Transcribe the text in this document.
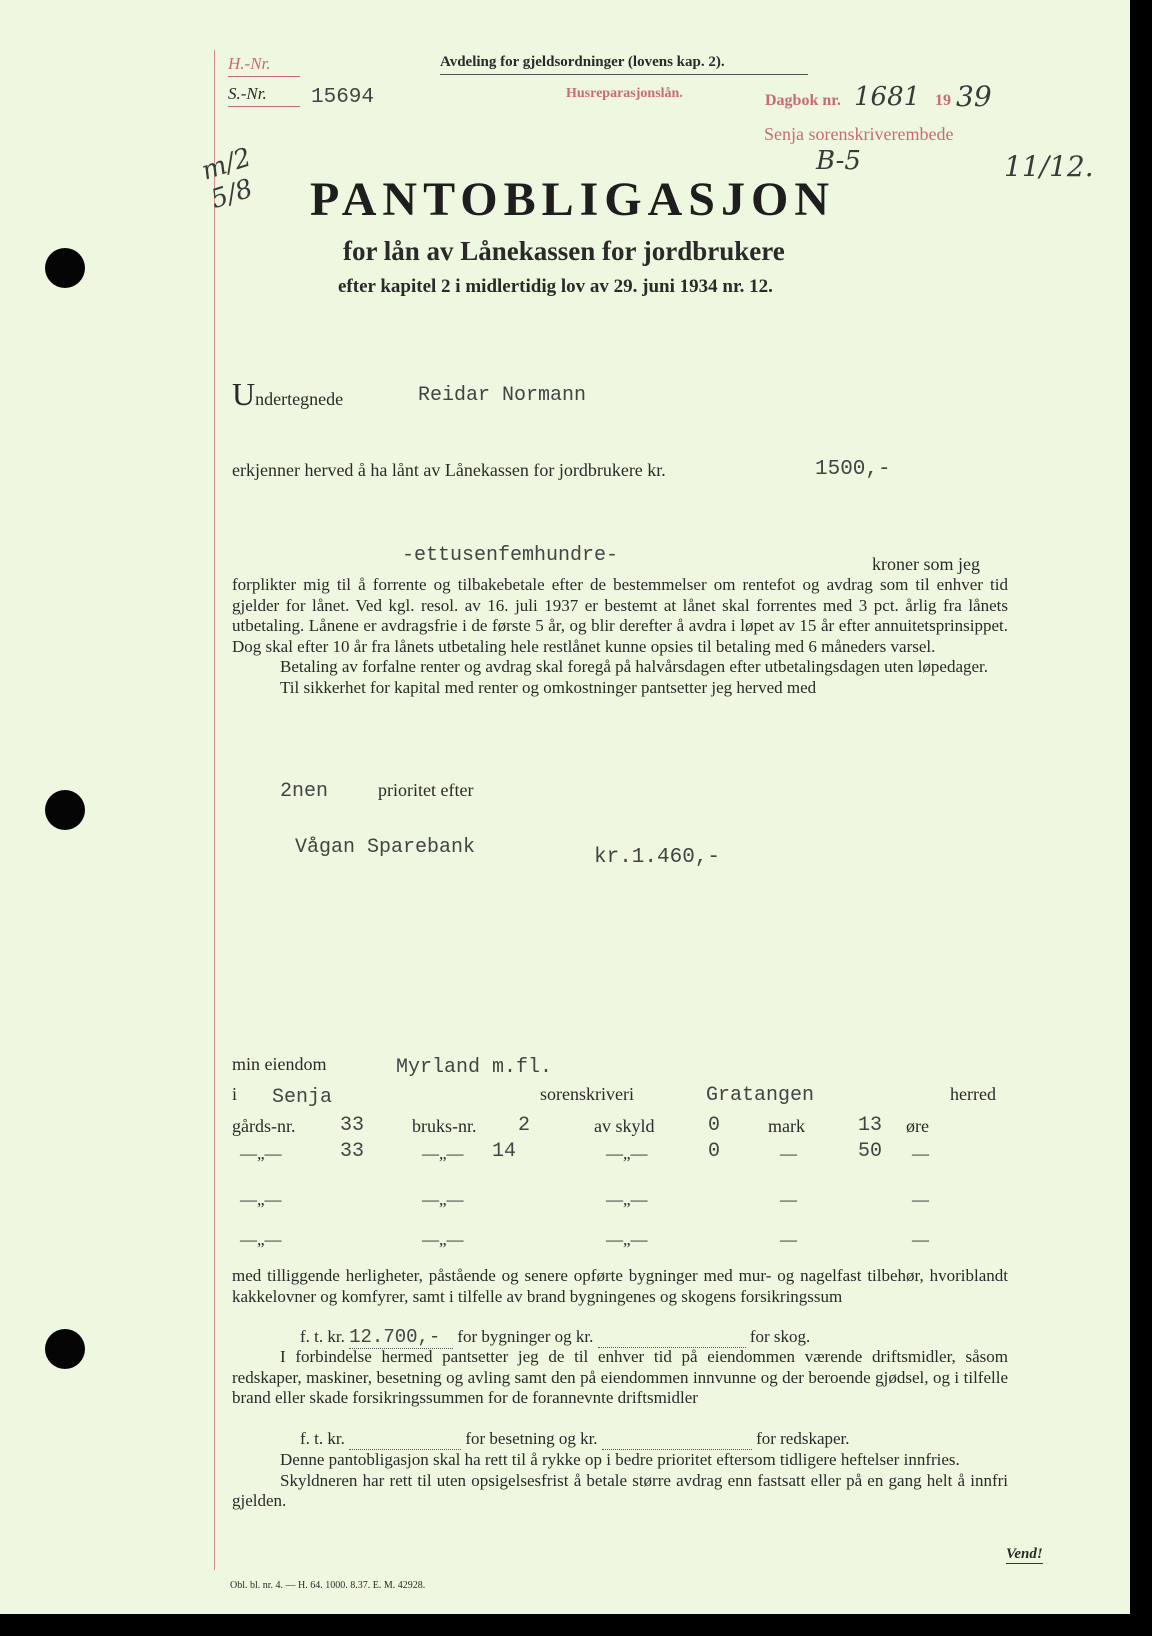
H.-Nr.
S.-Nr. 15694
Avdeling for gjeldsordninger (lovens kap. 2).
Husreparasjonslån.	Dagbok nr. 1681 19 39
Senja sorenskriverembede
B-5	11/12.
m/2 5/8	PANTOBLIGASJON
for lån av Lånekassen for jordbrukere
efter kapitel 2 i midlertidig lov av 29. juni 1934 nr. 12.
Undertegnede	Reidar Normann
erkjenner herved å ha lånt av Lånekassen for jordbrukere kr.	1500,-
-ettusenfemhundre-	kroner som jeg

forplikter mig til å forrente og tilbakebetale efter de bestemmelser om rentefot og avdrag som til enhver tid gjelder for lånet. Ved kgl. resol. av 16. juli 1937 er bestemt at lånet skal forrentes med 3 pct. årlig fra lånets utbetaling. Lånene er avdragsfrie i de første 5 år, og blir derefter å avdra i løpet av 15 år efter annuitetsprinsippet. Dog skal efter 10 år fra lånets utbetaling hele restlånet kunne opsies til betaling med 6 måneders varsel.

Betaling av forfalne renter og avdrag skal foregå på halvårsdagen efter utbetalingsdagen uten løpedager.

Til sikkerhet for kapital med renter og omkostninger pantsetter jeg herved med

2nen	prioritet efter
Vågan Sparebank	kr.1.460,-
min eiendom	Myrland m.fl.
i Senja	sorenskriveri	Gratangen	herred
gårds-nr. 33	bruks-nr. 2	av skyld	0	mark	13 øre
—„—	33	—„— 14	—„—	0	—	50 —
—„—	—„—	—„—	—	—
—„—	—„—	—„—	—	—

med tilliggende herligheter, påstående og senere opførte bygninger med mur- og nagelfast tilbehør, hvoriblandt kakkelovner og komfyrer, samt i tilfelle av brand bygningenes og skogens forsikringssum

f. t. kr. 12.700,- for bygninger og kr.	for skog.

I forbindelse hermed pantsetter jeg de til enhver tid på eiendommen værende driftsmidler, såsom redskaper, maskiner, besetning og avling samt den på eiendommen innvunne og der beroende gjødsel, og i tilfelle brand eller skade forsikringssummen for de forannevnte driftsmidler

f. t. kr.	for besetning og kr.	for redskaper.

Denne pantobligasjon skal ha rett til å rykke op i bedre prioritet eftersom tidligere heftelser innfries.

Skyldneren har rett til uten opsigelsesfrist å betale større avdrag enn fastsatt eller på en gang helt å innfri gjelden.

Vend!
Obl. bl. nr. 4. — H. 64. 1000. 8.37. E. M. 42928.
